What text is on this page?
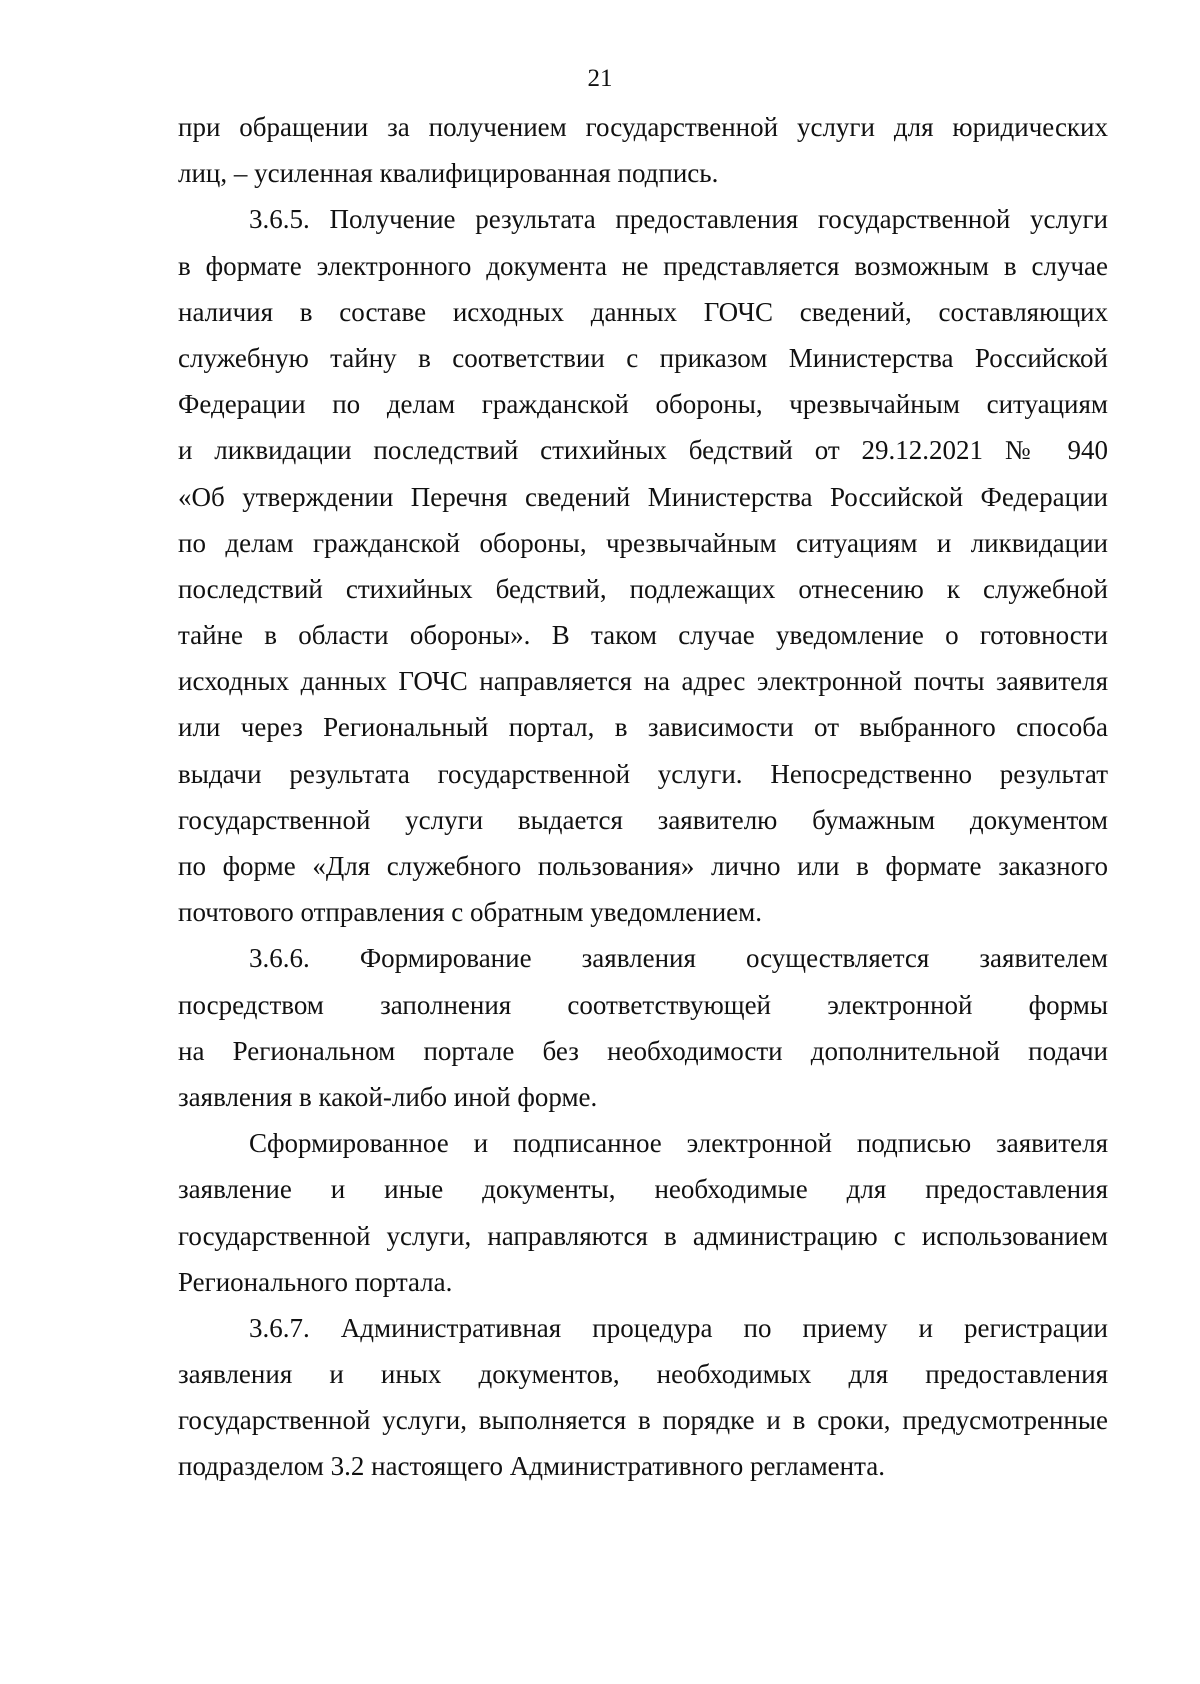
21
при обращении за получением государственной услуги для юридических
лиц, – усиленная квалифицированная подпись.
3.6.5. Получение результата предоставления государственной услуги
в формате электронного документа не представляется возможным в случае
наличия в составе исходных данных ГОЧС сведений, составляющих
служебную тайну в соответствии с приказом Министерства Российской
Федерации по делам гражданской обороны, чрезвычайным ситуациям
и ликвидации последствий стихийных бедствий от 29.12.2021 № 940
«Об утверждении Перечня сведений Министерства Российской Федерации
по делам гражданской обороны, чрезвычайным ситуациям и ликвидации
последствий стихийных бедствий, подлежащих отнесению к служебной
тайне в области обороны». В таком случае уведомление о готовности
исходных данных ГОЧС направляется на адрес электронной почты заявителя
или через Региональный портал, в зависимости от выбранного способа
выдачи результата государственной услуги. Непосредственно результат
государственной услуги выдается заявителю бумажным документом
по форме «Для служебного пользования» лично или в формате заказного
почтового отправления с обратным уведомлением.
3.6.6. Формирование заявления осуществляется заявителем
посредством заполнения соответствующей электронной формы
на Региональном портале без необходимости дополнительной подачи
заявления в какой-либо иной форме.
Сформированное и подписанное электронной подписью заявителя
заявление и иные документы, необходимые для предоставления
государственной услуги, направляются в администрацию с использованием
Регионального портала.
3.6.7. Административная процедура по приему и регистрации
заявления и иных документов, необходимых для предоставления
государственной услуги, выполняется в порядке и в сроки, предусмотренные
подразделом 3.2 настоящего Административного регламента.
